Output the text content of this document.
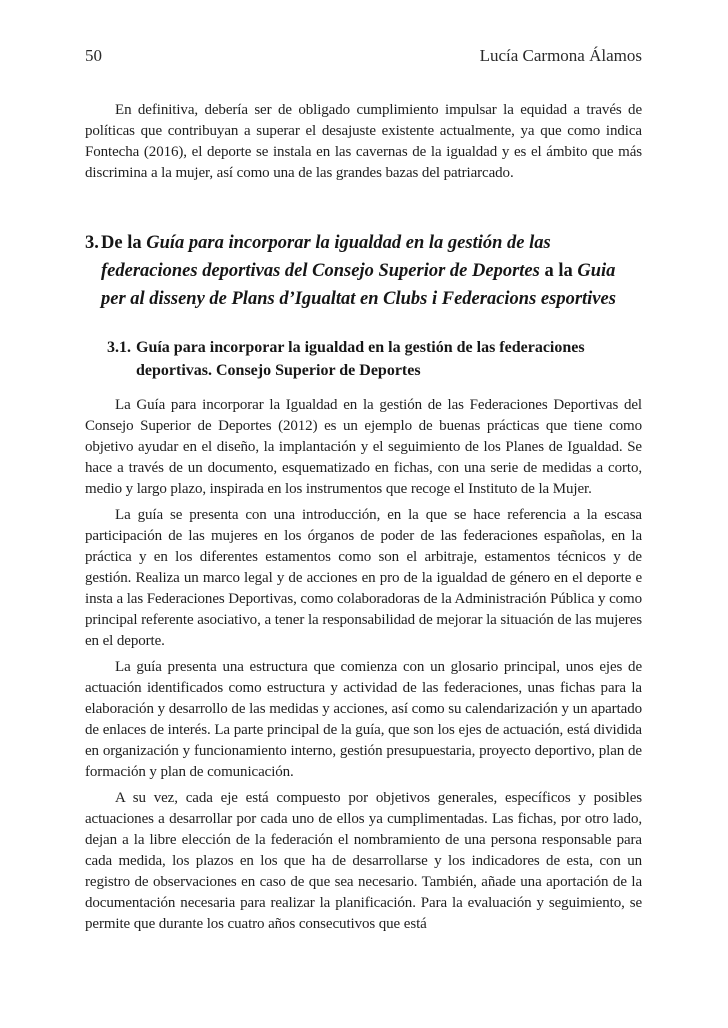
50	Lucía Carmona Álamos

En definitiva, debería ser de obligado cumplimiento impulsar la equidad a través de políticas que contribuyan a superar el desajuste existente actualmente, ya que como indica Fontecha (2016), el deporte se instala en las cavernas de la igualdad y es el ámbito que más discrimina a la mujer, así como una de las grandes bazas del patriarcado.

3. De la Guía para incorporar la igualdad en la gestión de las federaciones deportivas del Consejo Superior de Deportes a la Guia per al disseny de Plans d’Igualtat en Clubs i Federacions esportives
3.1. Guía para incorporar la igualdad en la gestión de las federaciones deportivas. Consejo Superior de Deportes

La Guía para incorporar la Igualdad en la gestión de las Federaciones Deportivas del Consejo Superior de Deportes (2012) es un ejemplo de buenas prácticas que tiene como objetivo ayudar en el diseño, la implantación y el seguimiento de los Planes de Igualdad. Se hace a través de un documento, esquematizado en fichas, con una serie de medidas a corto, medio y largo plazo, inspirada en los instrumentos que recoge el Instituto de la Mujer.

La guía se presenta con una introducción, en la que se hace referencia a la escasa participación de las mujeres en los órganos de poder de las federaciones españolas, en la práctica y en los diferentes estamentos como son el arbitraje, estamentos técnicos y de gestión. Realiza un marco legal y de acciones en pro de la igualdad de género en el deporte e insta a las Federaciones Deportivas, como colaboradoras de la Administración Pública y como principal referente asociativo, a tener la responsabilidad de mejorar la situación de las mujeres en el deporte.

La guía presenta una estructura que comienza con un glosario principal, unos ejes de actuación identificados como estructura y actividad de las federaciones, unas fichas para la elaboración y desarrollo de las medidas y acciones, así como su calendarización y un apartado de enlaces de interés. La parte principal de la guía, que son los ejes de actuación, está dividida en organización y funcionamiento interno, gestión presupuestaria, proyecto deportivo, plan de formación y plan de comunicación.

A su vez, cada eje está compuesto por objetivos generales, específicos y posibles actuaciones a desarrollar por cada uno de ellos ya cumplimentadas. Las fichas, por otro lado, dejan a la libre elección de la federación el nombramiento de una persona responsable para cada medida, los plazos en los que ha de desarrollarse y los indicadores de esta, con un registro de observaciones en caso de que sea necesario. También, añade una aportación de la documentación necesaria para realizar la planificación. Para la evaluación y seguimiento, se permite que durante los cuatro años consecutivos que está
